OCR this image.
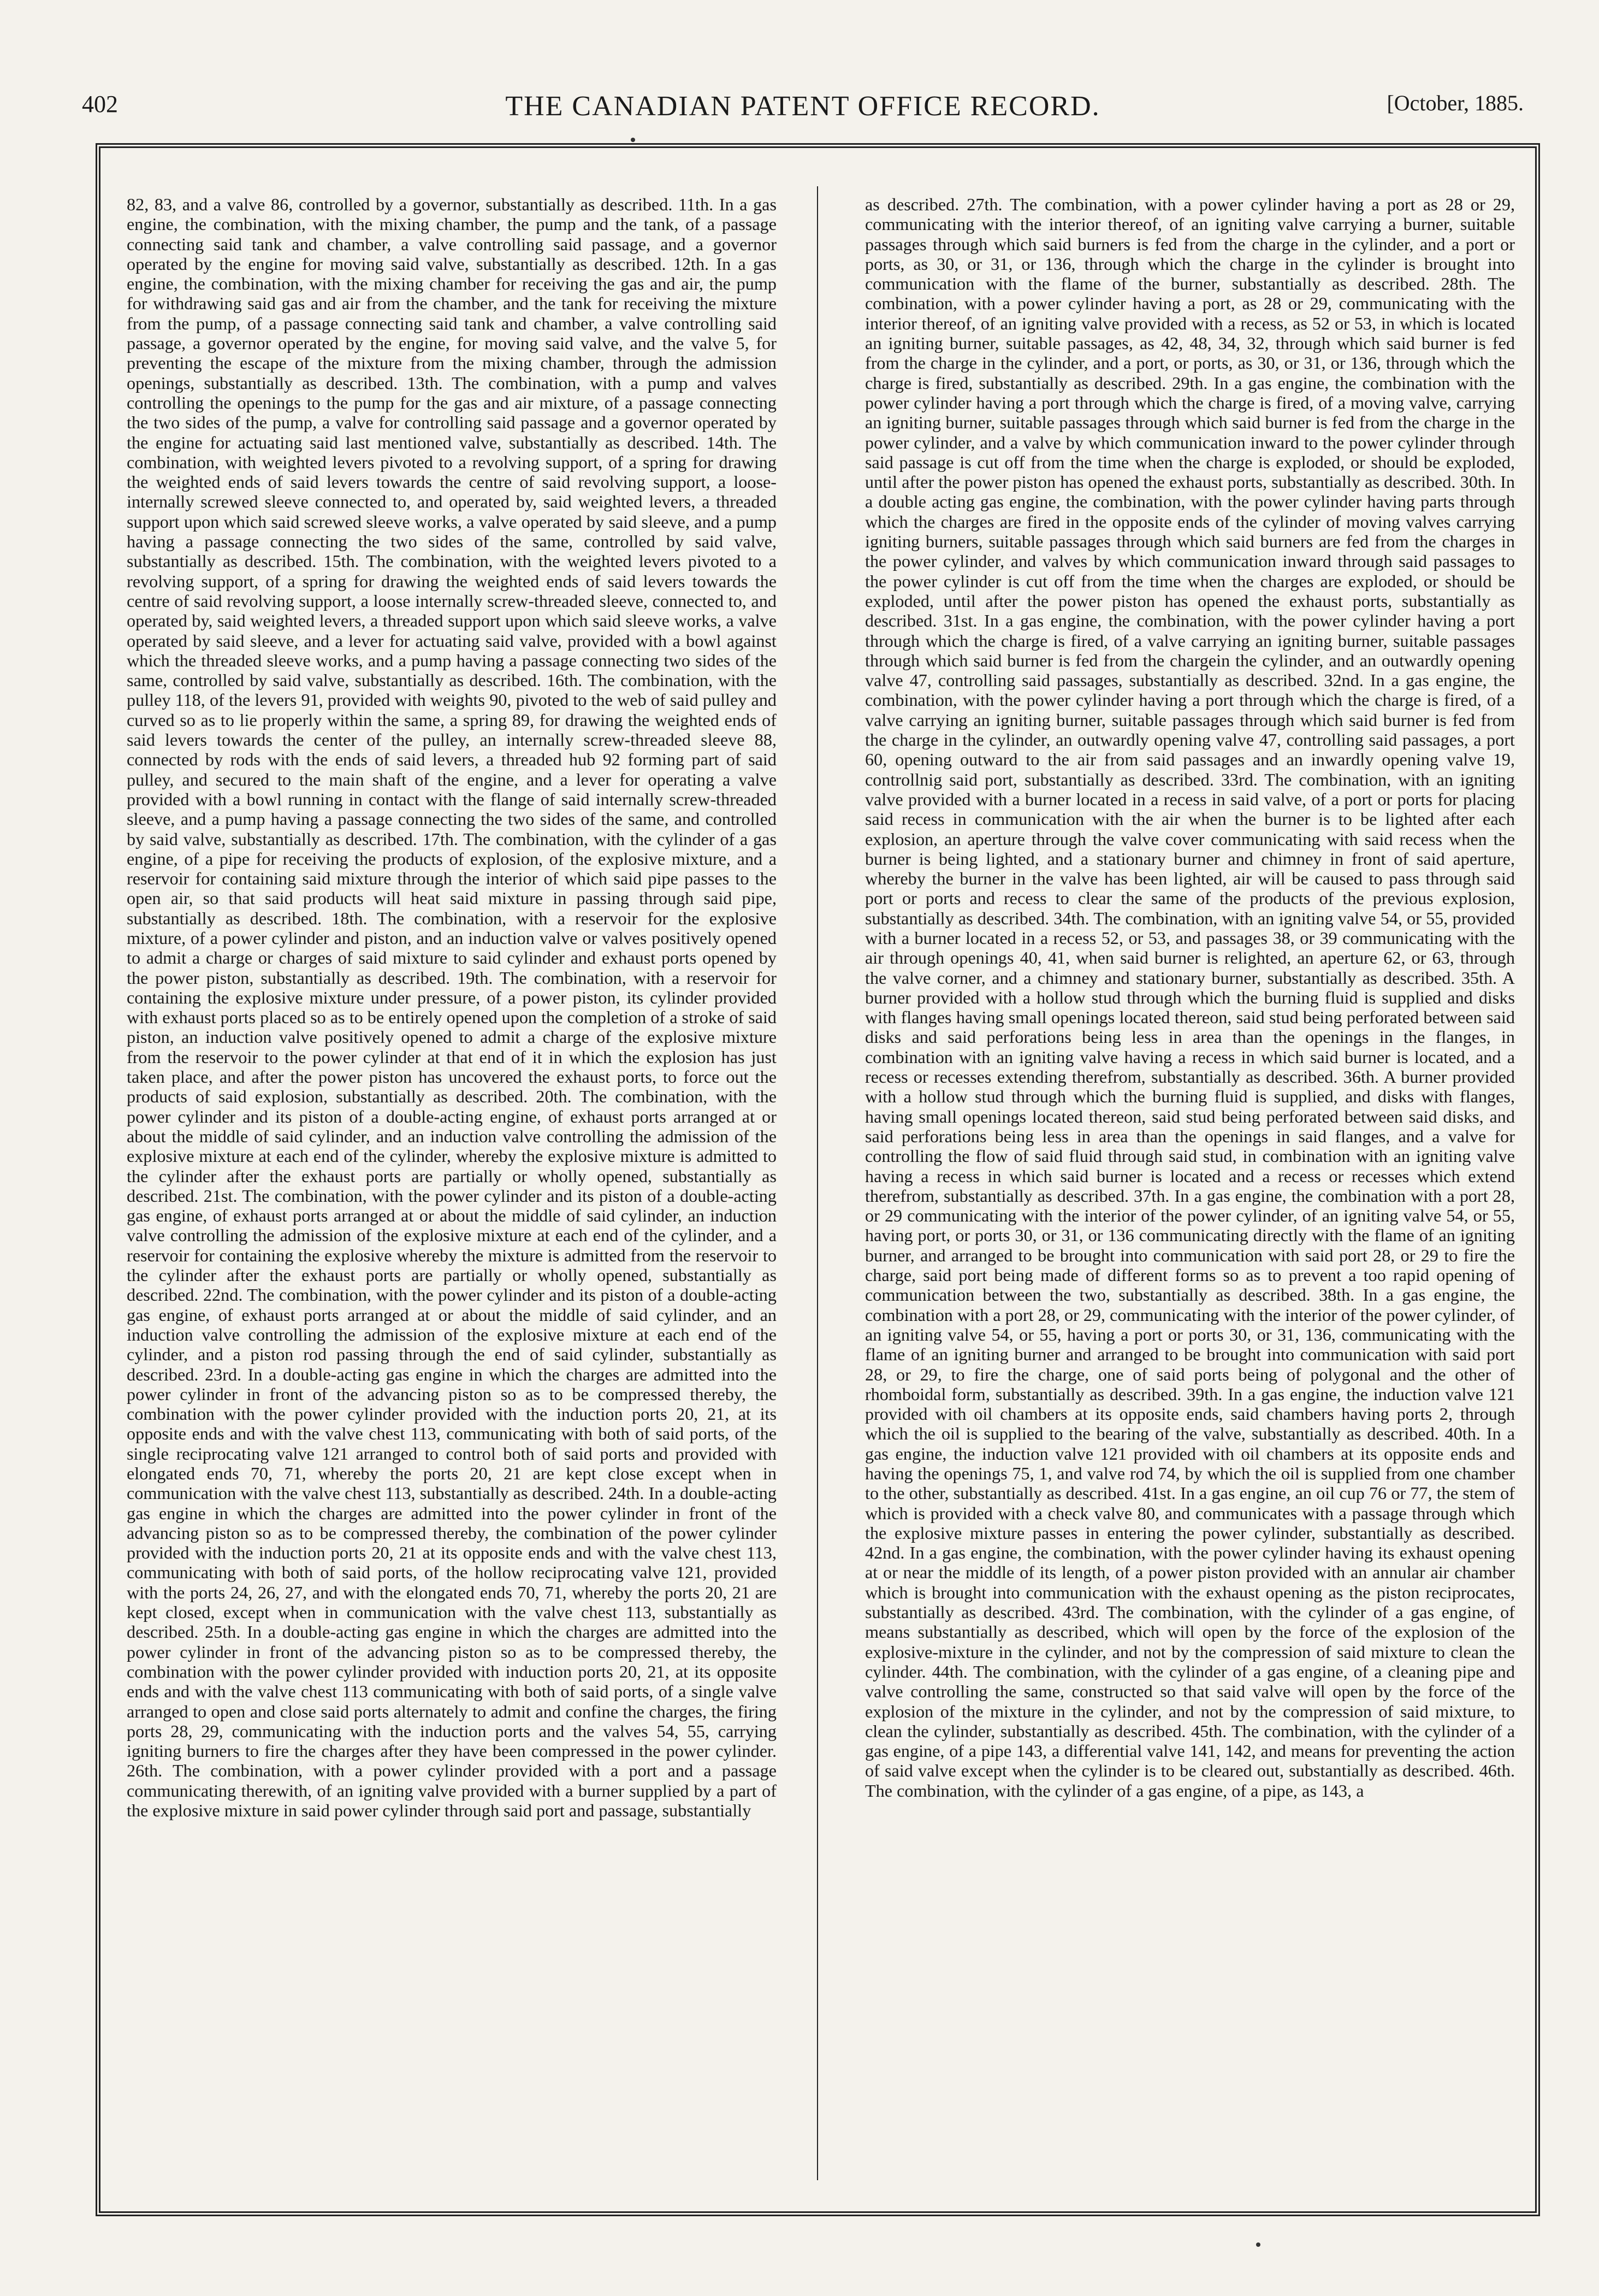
402	THE CANADIAN PATENT OFFICE RECORD.	[October, 1885.
82, 83, and a valve 86, controlled by a governor, substantially as described. 11th. In a gas engine, the combination, with the mixing chamber, the pump and the tank, of a passage connecting said tank and chamber, a valve controlling said passage, and a governor operated by the engine for moving said valve, substantially as described. 12th. In a gas engine, the combination, with the mixing chamber for receiving the gas and air, the pump for withdrawing said gas and air from the chamber, and the tank for receiving the mixture from the pump, of a passage connecting said tank and chamber, a valve controlling said passage, a governor operated by the engine, for moving said valve, and the valve 5, for preventing the escape of the mixture from the mixing chamber, through the admission openings, substantially as described. 13th. The combination, with a pump and valves controlling the openings to the pump for the gas and air mixture, of a passage connecting the two sides of the pump, a valve for controlling said passage and a governor operated by the engine for actuating said last mentioned valve, substantially as described. 14th. The combination, with weighted levers pivoted to a revolving support, of a spring for drawing the weighted ends of said levers towards the centre of said revolving support, a loose-internally screwed sleeve connected to, and operated by, said weighted levers, a threaded support upon which said screwed sleeve works, a valve operated by said sleeve, and a pump having a passage connecting the two sides of the same, controlled by said valve, substantially as described. 15th. The combination, with the weighted levers pivoted to a revolving support, of a spring for drawing the weighted ends of said levers towards the centre of said revolving support, a loose internally screw-threaded sleeve, connected to, and operated by, said weighted levers, a threaded support upon which said sleeve works, a valve operated by said sleeve, and a lever for actuating said valve, provided with a bowl against which the threaded sleeve works, and a pump having a passage connecting two sides of the same, controlled by said valve, substantially as described. 16th. The combination, with the pulley 118, of the levers 91, provided with weights 90, pivoted to the web of said pulley and curved so as to lie properly within the same, a spring 89, for drawing the weighted ends of said levers towards the center of the pulley, an internally screw-threaded sleeve 88, connected by rods with the ends of said levers, a threaded hub 92 forming part of said pulley, and secured to the main shaft of the engine, and a lever for operating a valve provided with a bowl running in contact with the flange of said internally screw-threaded sleeve, and a pump having a passage connecting the two sides of the same, and controlled by said valve, substantially as described. 17th. The combination, with the cylinder of a gas engine, of a pipe for receiving the products of explosion, of the explosive mixture, and a reservoir for containing said mixture through the interior of which said pipe passes to the open air, so that said products will heat said mixture in passing through said pipe, substantially as described. 18th. The combination, with a reservoir for the explosive mixture, of a power cylinder and piston, and an induction valve or valves positively opened to admit a charge or charges of said mixture to said cylinder and exhaust ports opened by the power piston, substantially as described. 19th. The combination, with a reservoir for containing the explosive mixture under pressure, of a power piston, its cylinder provided with exhaust ports placed so as to be entirely opened upon the completion of a stroke of said piston, an induction valve positively opened to admit a charge of the explosive mixture from the reservoir to the power cylinder at that end of it in which the explosion has just taken place, and after the power piston has uncovered the exhaust ports, to force out the products of said explosion, substantially as described. 20th. The combination, with the power cylinder and its piston of a double-acting engine, of exhaust ports arranged at or about the middle of said cylinder, and an induction valve controlling the admission of the explosive mixture at each end of the cylinder, whereby the explosive mixture is admitted to the cylinder after the exhaust ports are partially or wholly opened, substantially as described. 21st. The combination, with the power cylinder and its piston of a double-acting gas engine, of exhaust ports arranged at or about the middle of said cylinder, an induction valve controlling the admission of the explosive mixture at each end of the cylinder, and a reservoir for containing the explosive whereby the mixture is admitted from the reservoir to the cylinder after the exhaust ports are partially or wholly opened, substantially as described. 22nd. The combination, with the power cylinder and its piston of a double-acting gas engine, of exhaust ports arranged at or about the middle of said cylinder, and an induction valve controlling the admission of the explosive mixture at each end of the cylinder, and a piston rod passing through the end of said cylinder, substantially as described. 23rd. In a double-acting gas engine in which the charges are admitted into the power cylinder in front of the advancing piston so as to be compressed thereby, the combination with the power cylinder provided with the induction ports 20, 21, at its opposite ends and with the valve chest 113, communicating with both of said ports, of the single reciprocating valve 121 arranged to control both of said ports and provided with elongated ends 70, 71, whereby the ports 20, 21 are kept close except when in communication with the valve chest 113, substantially as described. 24th. In a double-acting gas engine in which the charges are admitted into the power cylinder in front of the advancing piston so as to be compressed thereby, the combination of the power cylinder provided with the induction ports 20, 21 at its opposite ends and with the valve chest 113, communicating with both of said ports, of the hollow reciprocating valve 121, provided with the ports 24, 26, 27, and with the elongated ends 70, 71, whereby the ports 20, 21 are kept closed, except when in communication with the valve chest 113, substantially as described. 25th. In a double-acting gas engine in which the charges are admitted into the power cylinder in front of the advancing piston so as to be compressed thereby, the combination with the power cylinder provided with induction ports 20, 21, at its opposite ends and with the valve chest 113 communicating with both of said ports, of a single valve arranged to open and close said ports alternately to admit and confine the charges, the firing ports 28, 29, communicating with the induction ports and the valves 54, 55, carrying igniting burners to fire the charges after they have been compressed in the power cylinder. 26th. The combination, with a power cylinder provided with a port and a passage communicating therewith, of an igniting valve provided with a burner supplied by a part of the explosive mixture in said power cylinder through said port and passage, substantially
as described. 27th. The combination, with a power cylinder having a port as 28 or 29, communicating with the interior thereof, of an igniting valve carrying a burner, suitable passages through which said burners is fed from the charge in the cylinder, and a port or ports, as 30, or 31, or 136, through which the charge in the cylinder is brought into communication with the flame of the burner, substantially as described. 28th. The combination, with a power cylinder having a port, as 28 or 29, communicating with the interior thereof, of an igniting valve provided with a recess, as 52 or 53, in which is located an igniting burner, suitable passages, as 42, 48, 34, 32, through which said burner is fed from the charge in the cylinder, and a port, or ports, as 30, or 31, or 136, through which the charge is fired, substantially as described. 29th. In a gas engine, the combination with the power cylinder having a port through which the charge is fired, of a moving valve, carrying an igniting burner, suitable passages through which said burner is fed from the charge in the power cylinder, and a valve by which communication inward to the power cylinder through said passage is cut off from the time when the charge is exploded, or should be exploded, until after the power piston has opened the exhaust ports, substantially as described. 30th. In a double acting gas engine, the combination, with the power cylinder having parts through which the charges are fired in the opposite ends of the cylinder of moving valves carrying igniting burners, suitable passages through which said burners are fed from the charges in the power cylinder, and valves by which communication inward through said passages to the power cylinder is cut off from the time when the charges are exploded, or should be exploded, until after the power piston has opened the exhaust ports, substantially as described. 31st. In a gas engine, the combination, with the power cylinder having a port through which the charge is fired, of a valve carrying an igniting burner, suitable passages through which said burner is fed from the chargein the cylinder, and an outwardly opening valve 47, controlling said passages, substantially as described. 32nd. In a gas engine, the combination, with the power cylinder having a port through which the charge is fired, of a valve carrying an igniting burner, suitable passages through which said burner is fed from the charge in the cylinder, an outwardly opening valve 47, controlling said passages, a port 60, opening outward to the air from said passages and an inwardly opening valve 19, controllnig said port, substantially as described. 33rd. The combination, with an igniting valve provided with a burner located in a recess in said valve, of a port or ports for placing said recess in communication with the air when the burner is to be lighted after each explosion, an aperture through the valve cover communicating with said recess when the burner is being lighted, and a stationary burner and chimney in front of said aperture, whereby the burner in the valve has been lighted, air will be caused to pass through said port or ports and recess to clear the same of the products of the previous explosion, substantially as described. 34th. The combination, with an igniting valve 54, or 55, provided with a burner located in a recess 52, or 53, and passages 38, or 39 communicating with the air through openings 40, 41, when said burner is relighted, an aperture 62, or 63, through the valve corner, and a chimney and stationary burner, substantially as described. 35th. A burner provided with a hollow stud through which the burning fluid is supplied and disks with flanges having small openings located thereon, said stud being perforated between said disks and said perforations being less in area than the openings in the flanges, in combination with an igniting valve having a recess in which said burner is located, and a recess or recesses extending therefrom, substantially as described. 36th. A burner provided with a hollow stud through which the burning fluid is supplied, and disks with flanges, having small openings located thereon, said stud being perforated between said disks, and said perforations being less in area than the openings in said flanges, and a valve for controlling the flow of said fluid through said stud, in combination with an igniting valve having a recess in which said burner is located and a recess or recesses which extend therefrom, substantially as described. 37th. In a gas engine, the combination with a port 28, or 29 communicating with the interior of the power cylinder, of an igniting valve 54, or 55, having port, or ports 30, or 31, or 136 communicating directly with the flame of an igniting burner, and arranged to be brought into communication with said port 28, or 29 to fire the charge, said port being made of different forms so as to prevent a too rapid opening of communication between the two, substantially as described. 38th. In a gas engine, the combination with a port 28, or 29, communicating with the interior of the power cylinder, of an igniting valve 54, or 55, having a port or ports 30, or 31, 136, communicating with the flame of an igniting burner and arranged to be brought into communication with said port 28, or 29, to fire the charge, one of said ports being of polygonal and the other of rhomboidal form, substantially as described. 39th. In a gas engine, the induction valve 121 provided with oil chambers at its opposite ends, said chambers having ports 2, through which the oil is supplied to the bearing of the valve, substantially as described. 40th. In a gas engine, the induction valve 121 provided with oil chambers at its opposite ends and having the openings 75, 1, and valve rod 74, by which the oil is supplied from one chamber to the other, substantially as described. 41st. In a gas engine, an oil cup 76 or 77, the stem of which is provided with a check valve 80, and communicates with a passage through which the explosive mixture passes in entering the power cylinder, substantially as described. 42nd. In a gas engine, the combination, with the power cylinder having its exhaust opening at or near the middle of its length, of a power piston provided with an annular air chamber which is brought into communication with the exhaust opening as the piston reciprocates, substantially as described. 43rd. The combination, with the cylinder of a gas engine, of means substantially as described, which will open by the force of the explosion of the explosive-mixture in the cylinder, and not by the compression of said mixture to clean the cylinder. 44th. The combination, with the cylinder of a gas engine, of a cleaning pipe and valve controlling the same, constructed so that said valve will open by the force of the explosion of the mixture in the cylinder, and not by the compression of said mixture, to clean the cylinder, substantially as described. 45th. The combination, with the cylinder of a gas engine, of a pipe 143, a differential valve 141, 142, and means for preventing the action of said valve except when the cylinder is to be cleared out, substantially as described. 46th. The combination, with the cylinder of a gas engine, of a pipe, as 143, a
